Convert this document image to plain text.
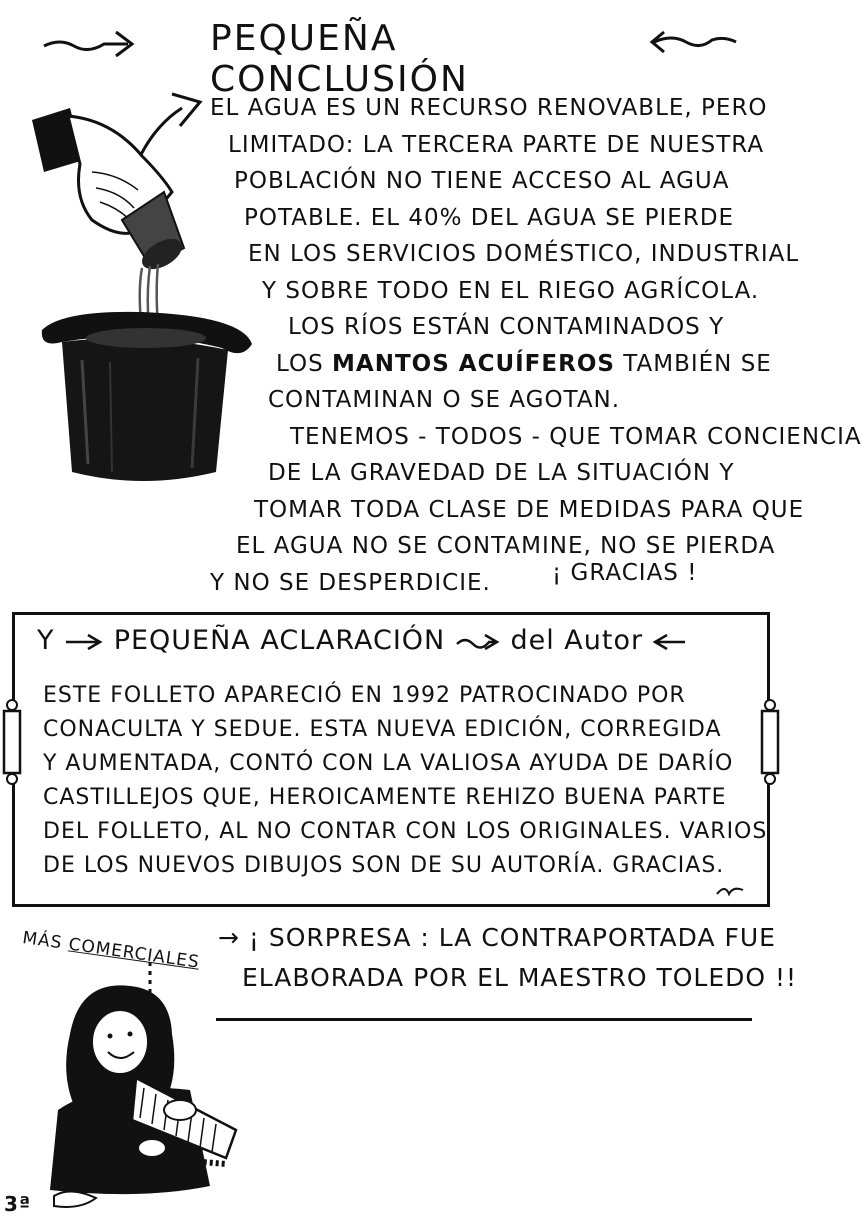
PEQUEÑA CONCLUSIÓN
EL AGUA ES UN RECURSO RENOVABLE, PERO
LIMITADO: LA TERCERA PARTE DE NUESTRA
POBLACIÓN NO TIENE ACCESO AL AGUA
POTABLE. EL 40% DEL AGUA SE PIERDE
EN LOS SERVICIOS DOMÉSTICO, INDUSTRIAL
Y SOBRE TODO EN EL RIEGO AGRÍCOLA.
LOS RÍOS ESTÁN CONTAMINADOS Y
LOS MANTOS ACUÍFEROS TAMBIÉN SE
CONTAMINAN O SE AGOTAN.
TENEMOS - TODOS - QUE TOMAR CONCIENCIA
DE LA GRAVEDAD DE LA SITUACIÓN Y
TOMAR TODA CLASE DE MEDIDAS PARA QUE
EL AGUA NO SE CONTAMINE, NO SE PIERDA
Y NO SE DESPERDICIE.	¡ GRACIAS !
Y PEQUEÑA ACLARACIÓN del Autor
ESTE FOLLETO APARECIÓ EN 1992 PATROCINADO POR
CONACULTA Y SEDUE. ESTA NUEVA EDICIÓN, CORREGIDA
Y AUMENTADA, CONTÓ CON LA VALIOSA AYUDA DE DARÍO
CASTILLEJOS QUE, HEROICAMENTE REHIZO BUENA PARTE
DEL FOLLETO, AL NO CONTAR CON LOS ORIGINALES. VARIOS
DE LOS NUEVOS DIBUJOS SON DE SU AUTORÍA. GRACIAS.
MÁS COMERCIALES → ¡ SORPRESA : LA CONTRAPORTADA FUE
ELABORADA POR EL MAESTRO TOLEDO !!
3ª
